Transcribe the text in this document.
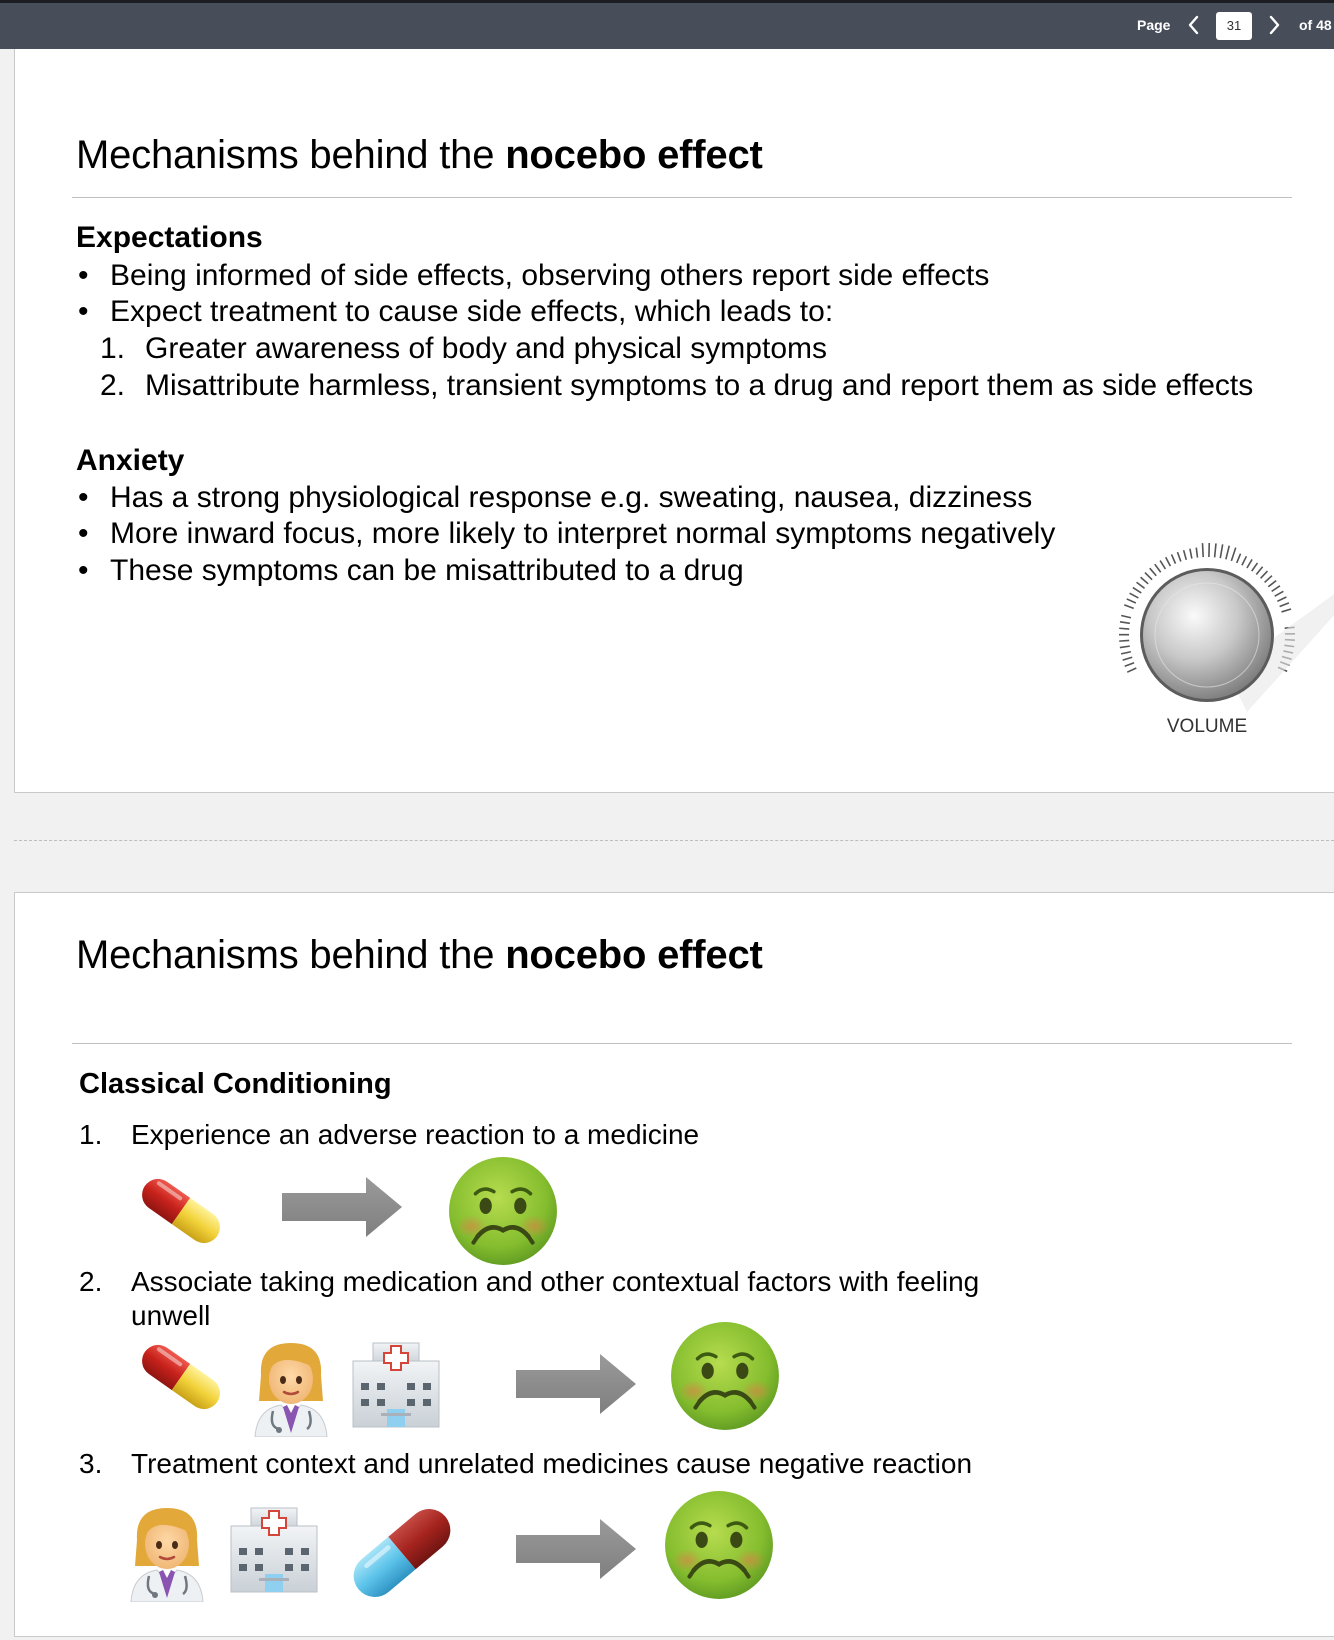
Page	31	of 48
Mechanisms behind the nocebo effect
Expectations
• Being informed of side effects, observing others report side effects
• Expect treatment to cause side effects, which leads to:
1. Greater awareness of body and physical symptoms
2. Misattribute harmless, transient symptoms to a drug and report them as side effects
Anxiety
• Has a strong physiological response e.g. sweating, nausea, dizziness
• More inward focus, more likely to interpret normal symptoms negatively
• These symptoms can be misattributed to a drug
VOLUME
Mechanisms behind the nocebo effect
Classical Conditioning
1. Experience an adverse reaction to a medicine
2. Associate taking medication and other contextual factors with feeling
unwell
3. Treatment context and unrelated medicines cause negative reaction
